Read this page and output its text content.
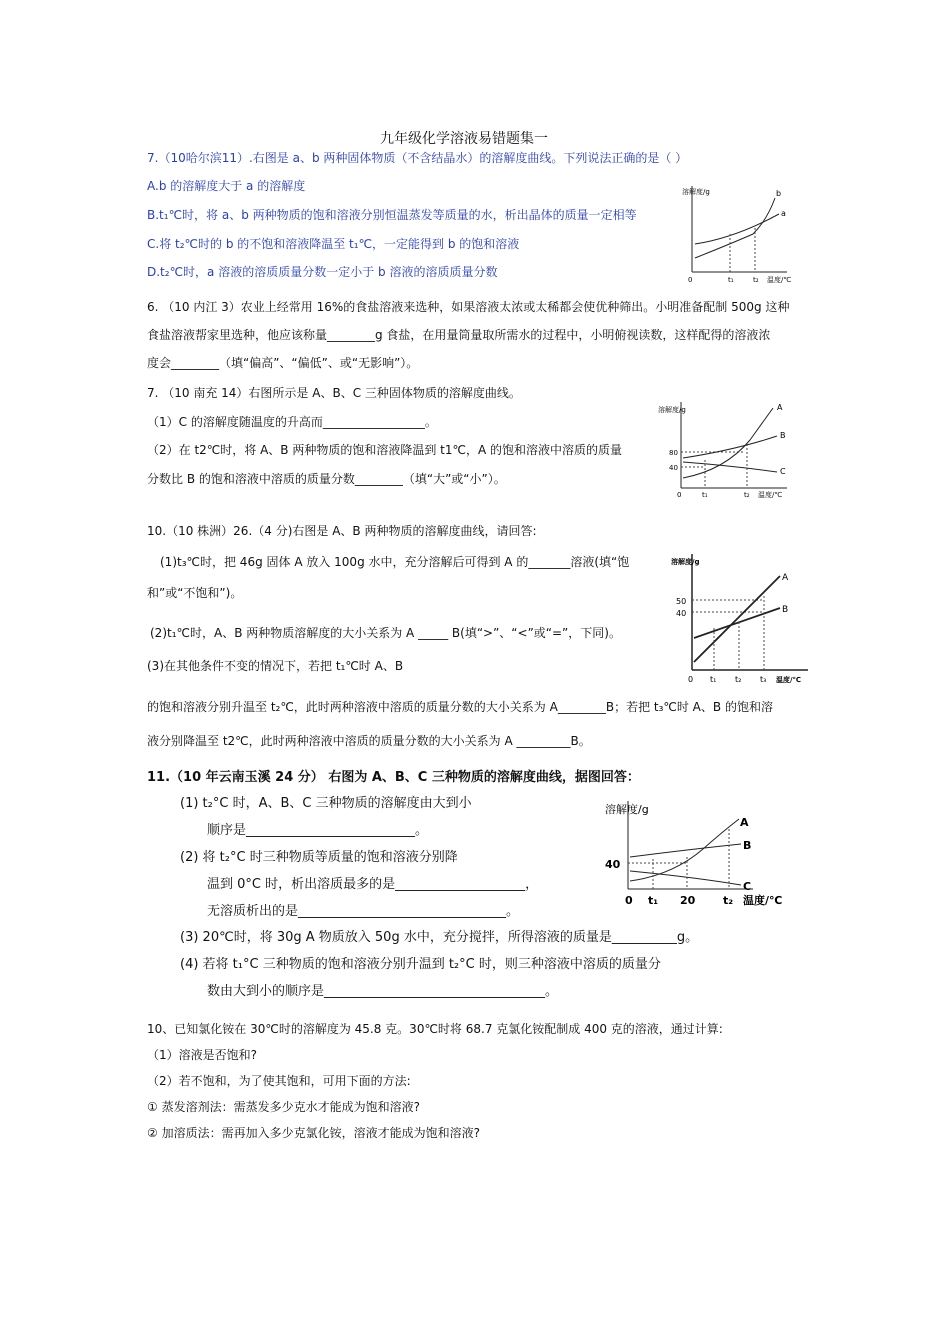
九年级化学溶液易错题集一
7.（10哈尔滨11）.右图是 a、b 两种固体物质（不含结晶水）的溶解度曲线。下列说法正确的是（ ）
A.b 的溶解度大于 a 的溶解度
B.t₁℃时，将 a、b 两种物质的饱和溶液分别恒温蒸发等质量的水，析出晶体的质量一定相等
C.将 t₂℃时的 b 的不饱和溶液降温至 t₁℃，一定能得到 b 的饱和溶液
D.t₂℃时，a 溶液的溶质质量分数一定小于 b 溶液的溶质质量分数
溶解度/g	b
a
0	t₁	t₂ 温度/℃
6. （10 内江 3）农业上经常用 16%的食盐溶液来选种，如果溶液太浓或太稀都会使优种筛出。小明准备配制 500g 这种
食盐溶液帮家里选种，他应该称量________g 食盐，在用量筒量取所需水的过程中，小明俯视读数，这样配得的溶液浓
度会________（填“偏高”、“偏低”、或“无影响”）。
7. （10 南充 14）右图所示是 A、B、C 三种固体物质的溶解度曲线。
（1）C 的溶解度随温度的升高而_________________。
（2）在 t2℃时，将 A、B 两种物质的饱和溶液降温到 t1℃，A 的饱和溶液中溶质的质量
分数比 B 的饱和溶液中溶质的质量分数________（填“大”或“小”）。
溶解度/g
80
40
A
B
C
0	t₁	t₂ 温度/℃
10.（10 株洲）26.（4 分)右图是 A、B 两种物质的溶解度曲线，请回答:
(1)t₃℃时，把 46g 固体 A 放入 100g 水中，充分溶解后可得到 A 的_______溶液(填“饱
和”或“不饱和”)。
(2)t₁℃时，A、B 两种物质溶解度的大小关系为 A _____ B(填“>”、“<”或“=”，下同)。
(3)在其他条件不变的情况下，若把 t₁℃时 A、B
的饱和溶液分别升温至 t₂℃，此时两种溶液中溶质的质量分数的大小关系为 A________B；若把 t₃℃时 A、B 的饱和溶
液分别降温至 t2℃，此时两种溶液中溶质的质量分数的大小关系为 A _________B。
溶解度/g
50
40
A
B
0 t₁ t₂ t₃ 温度/℃
11.（10 年云南玉溪 24 分） 右图为 A、B、C 三种物质的溶解度曲线，据图回答：
(1) t₂°C 时，A、B、C 三种物质的溶解度由大到小
顺序是__________________________。
(2) 将 t₂°C 时三种物质等质量的饱和溶液分别降
温到 0°C 时，析出溶质最多的是____________________，
无溶质析出的是________________________________。
(3) 20℃时，将 30g A 物质放入 50g 水中，充分搅拌，所得溶液的质量是__________g。
(4) 若将 t₁°C 三种物质的饱和溶液分别升温到 t₂°C 时，则三种溶液中溶质的质量分
数由大到小的顺序是__________________________________。
溶解度/g
40
A
B
C
0 t₁ 20	t₂ 温度/℃
10、已知氯化铵在 30℃时的溶解度为 45.8 克。30℃时将 68.7 克氯化铵配制成 400 克的溶液，通过计算:
（1）溶液是否饱和?
（2）若不饱和，为了使其饱和，可用下面的方法:
① 蒸发溶剂法：需蒸发多少克水才能成为饱和溶液?
② 加溶质法：需再加入多少克氯化铵，溶液才能成为饱和溶液?
